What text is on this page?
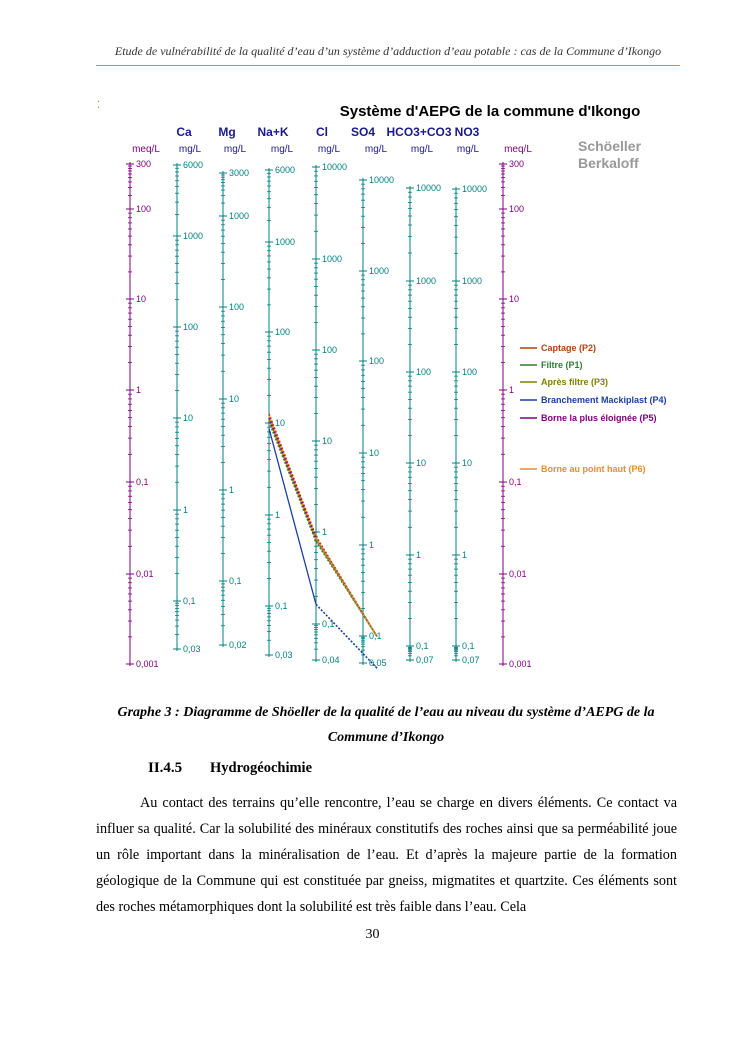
Etude de vulnérabilité de la qualité d’eau d’un système d’adduction d’eau potable : cas de la Commune d’Ikongo
Système d'AEPG de la commune d'Ikongo
Schöeller
Berkaloff
⁚
Ca Mg Na+K Cl SO4 HCO3+CO3 NO3
meq/L
300
100
10
1
0,1
0,01
0,001
mg/L
6000
1000
100
10
1
0,1
0,03
mg/L
3000
1000
100
10
1
0,1
0,02
mg/L
6000
1000
100
10
1
0,1
0,03
mg/L
10000
1000
100
10
1
0,1
0,04
mg/L
10000
1000
100
10
1
0,1
0,05
mg/L
10000
1000
100
10
1
0,1
0,07
mg/L
10000
1000
100
10
1
0,1
0,07
meq/L
300
100
10
1
0,1
0,01
0,001
Captage (P2)
Filtre (P1)
Après filtre (P3)
Branchement Mackiplast (P4)
Borne la plus éloignée (P5)
Borne au point haut (P6)
Graphe 3 : Diagramme de Shöeller de la qualité de l’eau au niveau du système d’AEPG de la
Commune d’Ikongo
II.4.5 Hydrogéochimie

Au contact des terrains qu’elle rencontre, l’eau se charge en divers éléments. Ce contact va influer sa qualité. Car la solubilité des minéraux constitutifs des roches ainsi que sa perméabilité joue un rôle important dans la minéralisation de l’eau. Et d’après la majeure partie de la formation géologique de la Commune qui est constituée par gneiss, migmatites et quartzite. Ces éléments sont des roches métamorphiques dont la solubilité est très faible dans l’eau. Cela

30
